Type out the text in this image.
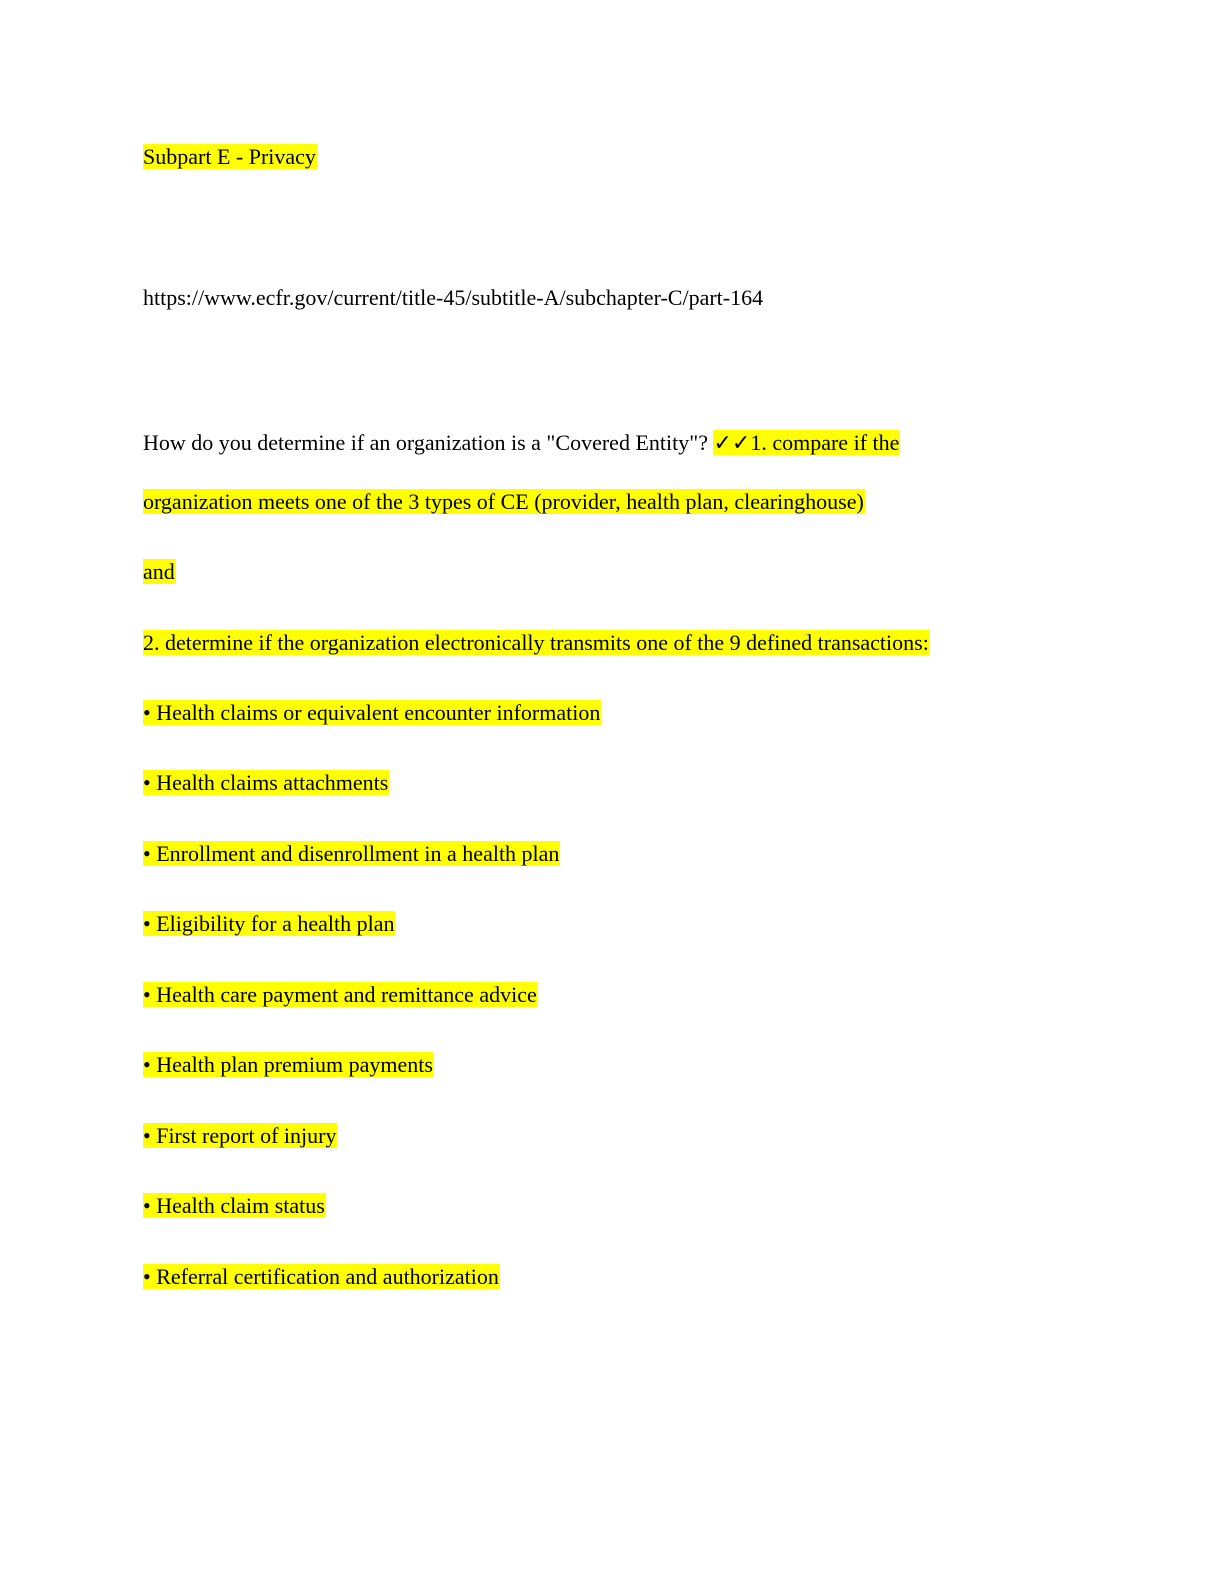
Subpart E - Privacy
https://www.ecfr.gov/current/title-45/subtitle-A/subchapter-C/part-164
How do you determine if an organization is a "Covered Entity"? ✓✓1. compare if the
organization meets one of the 3 types of CE (provider, health plan, clearinghouse)
and
2. determine if the organization electronically transmits one of the 9 defined transactions:
• Health claims or equivalent encounter information
• Health claims attachments
• Enrollment and disenrollment in a health plan
• Eligibility for a health plan
• Health care payment and remittance advice
• Health plan premium payments
• First report of injury
• Health claim status
• Referral certification and authorization
